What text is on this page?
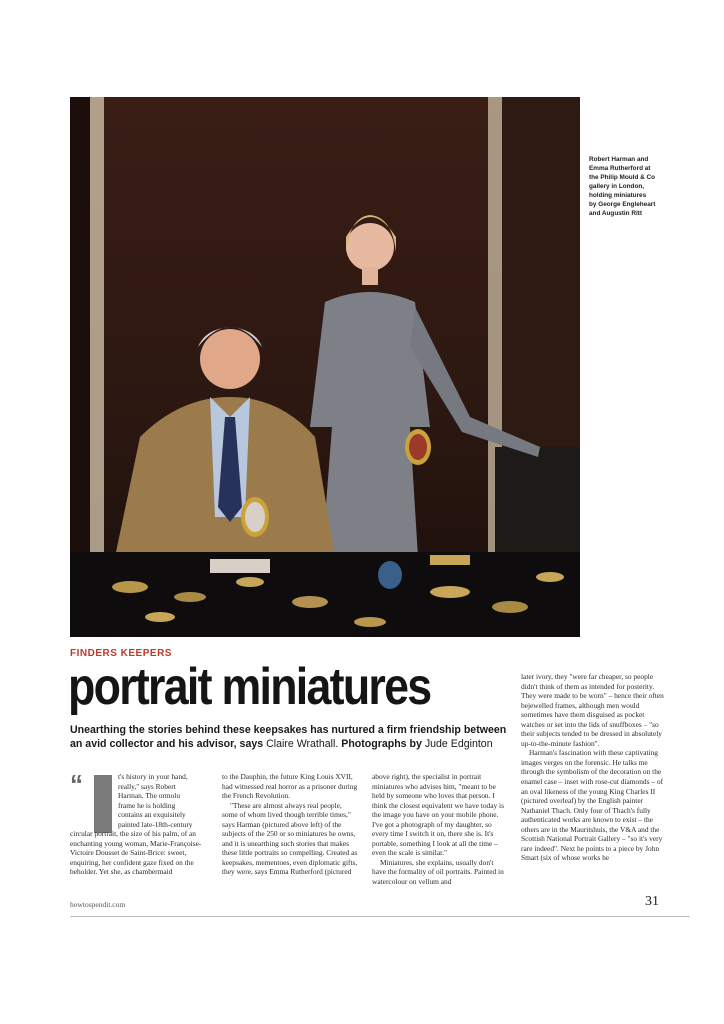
Robert Harman and
Emma Rutherford at
the Philip Mould & Co
gallery in London,
holding miniatures
by George Engleheart
and Augustin Ritt
FINDERS KEEPERS
portrait miniatures
Unearthing the stories behind these keepsakes has nurtured a firm friendship between an avid collector and his advisor, says Claire Wrathall. Photographs by Jude Edginton
“	t's history in your hand,
really," says Robert
Harman. The ormolu
frame he is holding
contains an exquisitely
painted late-18th-century
circular portrait, the size of his palm, of an enchanting young woman, Marie-Françoise-Victoire Dousset de Saint-Brice: sweet, enquiring, her confident gaze fixed on the beholder. Yet she, as chambermaid

to the Dauphin, the future King Louis XVII, had witnessed real horror as a prisoner during the French Revolution.

"These are almost always real people, some of whom lived though terrible times," says Harman (pictured above left) of the subjects of the 250 or so miniatures he owns, and it is unearthing such stories that makes these little portraits so compelling. Created as keepsakes, mementoes, even diplomatic gifts, they were, says Emma Rutherford (pictured

above right), the specialist in portrait miniatures who advises him, "meant to be held by someone who loves that person. I think the closest equivalent we have today is the image you have on your mobile phone. I've got a photograph of my daughter, so every time I switch it on, there she is. It's portable, something I look at all the time – even the scale is similar."

Miniatures, she explains, usually don't have the formality of oil portraits. Painted in watercolour on vellum and

later ivory, they "were far cheaper, so people didn't think of them as intended for posterity. They were made to be worn" – hence their often bejewelled frames, although men would sometimes have them disguised as pocket watches or set into the lids of snuffboxes – "so their subjects tended to be dressed in absolutely up-to-the-minute fashion".

Harman's fascination with these captivating images verges on the forensic. He talks me through the symbolism of the decoration on the enamel case – inset with rose-cut diamonds – of an oval likeness of the young King Charles II (pictured overleaf) by the English painter Nathaniel Thach. Only four of Thach's fully authenticated works are known to exist – the others are in the Mauritshuis, the V&A and the Scottish National Portrait Gallery – "so it's very rare indeed". Next he points to a piece by John Smart (six of whose works he

howtospendit.com	31
